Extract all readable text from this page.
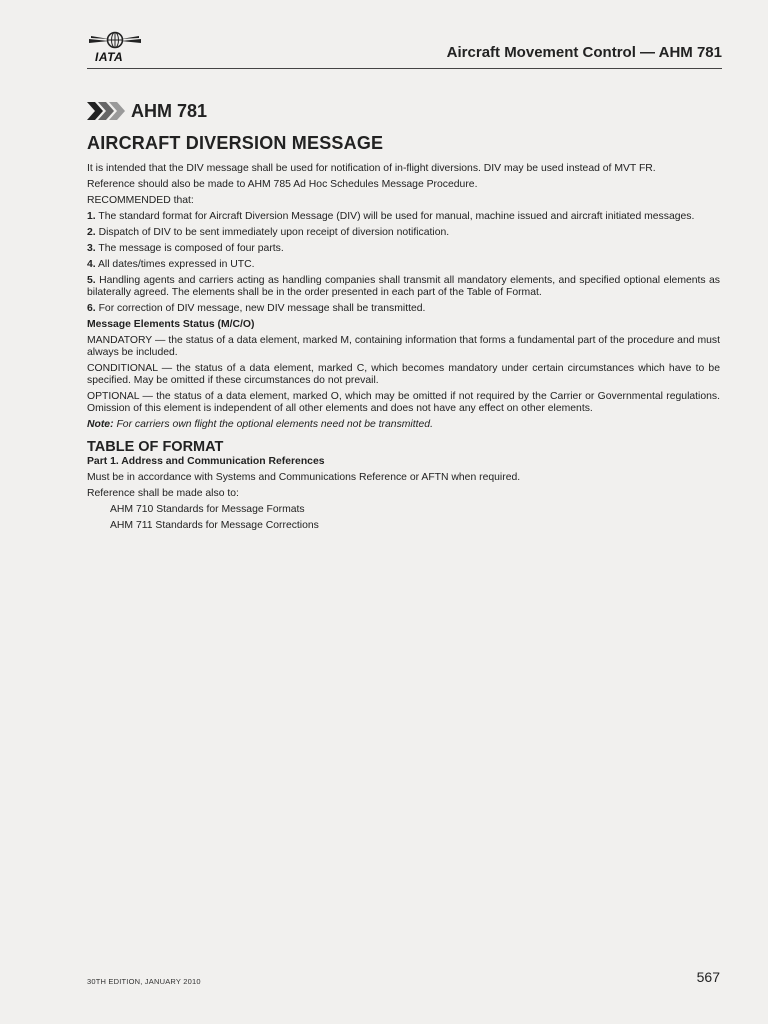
IATA	Aircraft Movement Control — AHM 781
AHM 781
AIRCRAFT DIVERSION MESSAGE

It is intended that the DIV message shall be used for notification of in-flight diversions. DIV may be used instead of MVT FR.

Reference should also be made to AHM 785 Ad Hoc Schedules Message Procedure.

RECOMMENDED that:

1. The standard format for Aircraft Diversion Message (DIV) will be used for manual, machine issued and aircraft initiated messages.

2. Dispatch of DIV to be sent immediately upon receipt of diversion notification.

3. The message is composed of four parts.

4. All dates/times expressed in UTC.

5. Handling agents and carriers acting as handling companies shall transmit all mandatory elements, and specified optional elements as bilaterally agreed. The elements shall be in the order presented in each part of the Table of Format.

6. For correction of DIV message, new DIV message shall be transmitted.

Message Elements Status (M/C/O)

MANDATORY — the status of a data element, marked M, containing information that forms a fundamental part of the procedure and must always be included.

CONDITIONAL — the status of a data element, marked C, which becomes mandatory under certain circumstances which have to be specified. May be omitted if these circumstances do not prevail.

OPTIONAL — the status of a data element, marked O, which may be omitted if not required by the Carrier or Governmental regulations. Omission of this element is independent of all other elements and does not have any effect on other elements.

Note: For carriers own flight the optional elements need not be transmitted.

TABLE OF FORMAT

Part 1. Address and Communication References

Must be in accordance with Systems and Communications Reference or AFTN when required.

Reference shall be made also to:

AHM 710 Standards for Message Formats

AHM 711 Standards for Message Corrections

30TH EDITION, JANUARY 2010	567
